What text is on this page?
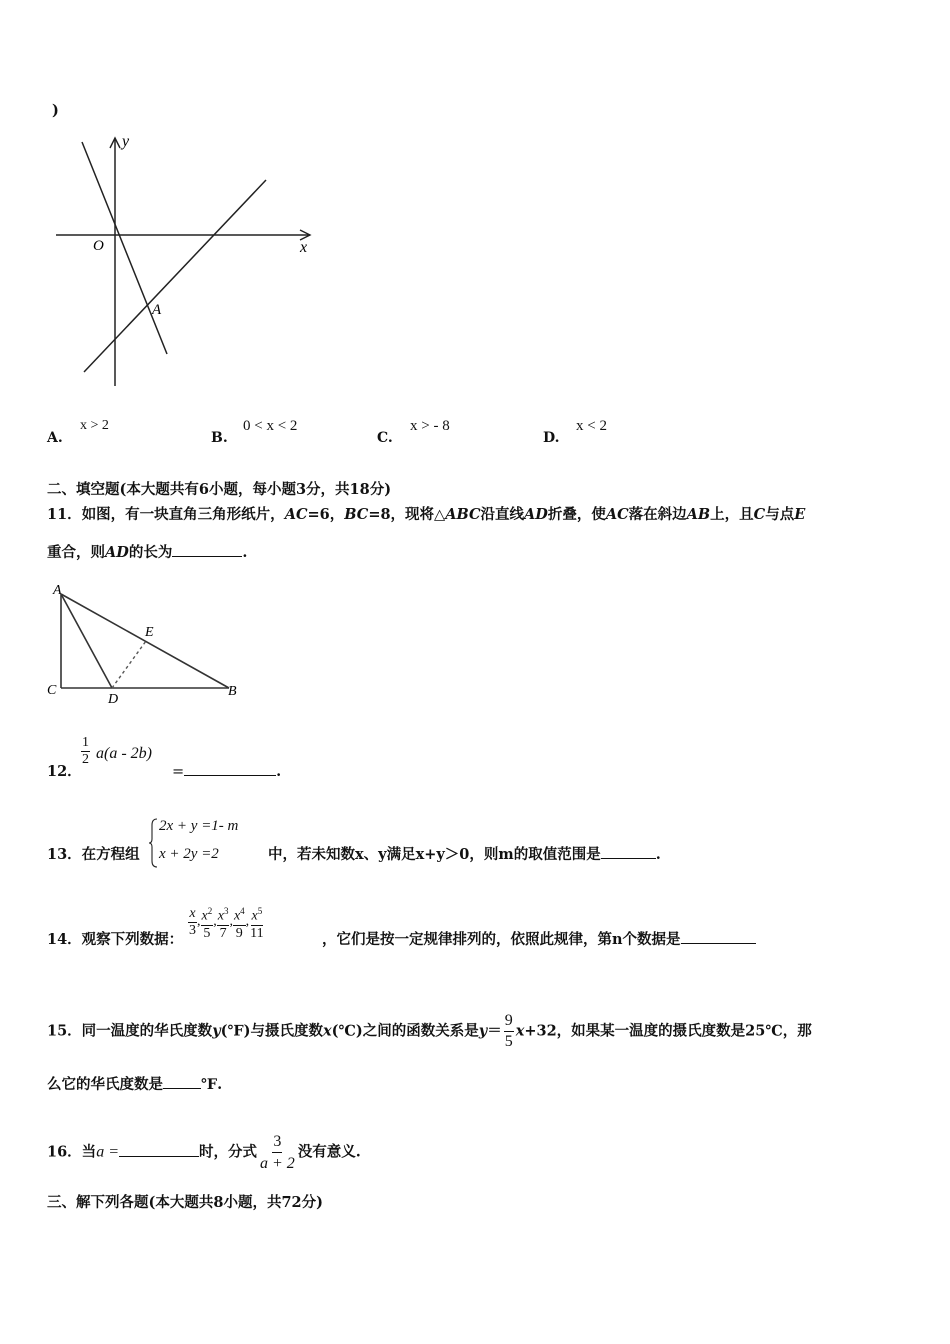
)
y
x
O
A
A.
x > 2
B.
0 < x < 2
C.
x > - 8
D.
x < 2
二、填空题(本大题共有6小题，每小题3分，共18分)
11．如图，有一块直角三角形纸片，AC=6，BC=8，现将△ABC沿直线AD折叠，使AC落在斜边AB上，且C与点E
重合，则AD的长为	.
A
B
C
D
E
12．
$\frac{1}{2} a(a - 2b)$
=	.
13．在方程组
2x + y =1- m
x + 2y =2	中，若未知数x、y满足x+y＞0，则m的取值范围是	.
14．观察下列数据：
$\frac{x}{3}$ , $\frac{x^2}{5}$ , $\frac{x^3}{7}$ , $\frac{x^4}{9}$ , $\frac{x^5}{11}$	，它们是按一定规律排列的，依照此规律，第n个数据是
15．同一温度的华氏度数y(℉)与摄氏度数x(℃)之间的函数关系是$y= \frac{9}{5} x+32$，如果某一温度的摄氏度数是25℃，那
么它的华氏度数是	℉.
16．当a =	时，分式 $\frac{3}{a + 2}$ 没有意义.
三、解下列各题(本大题共8小题，共72分)
